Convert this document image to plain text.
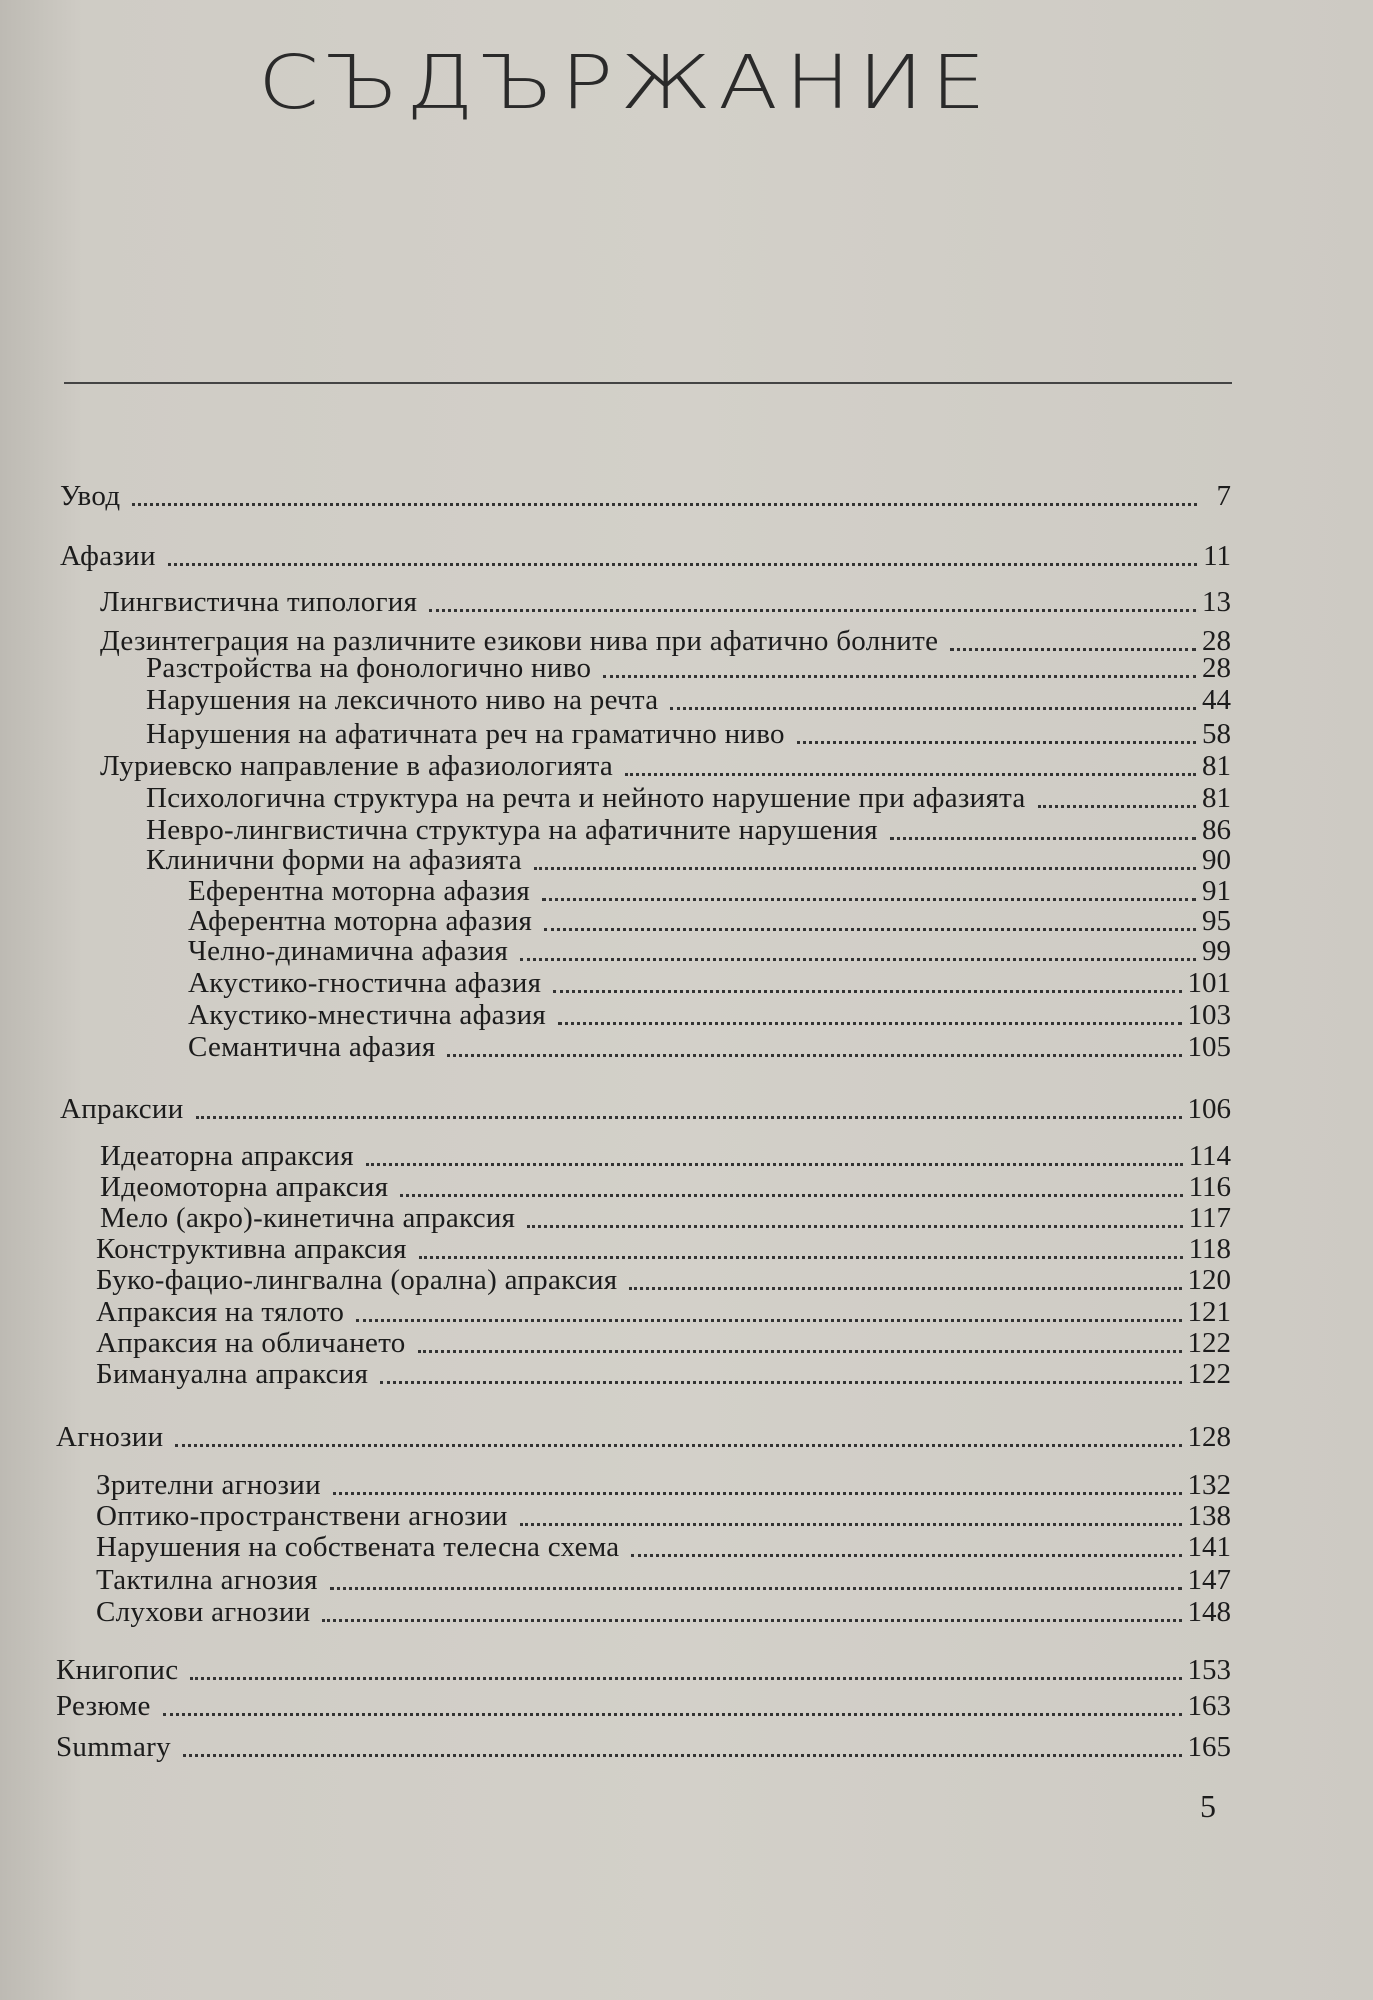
СЪДЪРЖАНИЕ
Увод	7
Афазии	11
Лингвистична типология	13
Дезинтеграция на различните езикови нива при афатично болните	28
Разстройства на фонологично ниво	28
Нарушения на лексичното ниво на речта	44
Нарушения на афатичната реч на граматично ниво	58
Луриевско направление в афазиологията	81
Психологична структура на речта и нейното нарушение при афазията	81
Невро-лингвистична структура на афатичните нарушения	86
Клинични форми на афазията	90
Еферентна моторна афазия	91
Аферентна моторна афазия	95
Челно-динамична афазия	99
Акустико-гностична афазия	101
Акустико-мнестична афазия	103
Семантична афазия	105
Апраксии	106
Идеаторна апраксия	114
Идеомоторна апраксия	116
Мело (акро)-кинетична апраксия	117
Конструктивна апраксия	118
Буко-фацио-лингвална (орална) апраксия	120
Апраксия на тялото	121
Апраксия на обличането	122
Бимануална апраксия	122
Агнозии	128
Зрителни агнозии	132
Оптико-пространствени агнозии	138
Нарушения на собствената телесна схема	141
Тактилна агнозия	147
Слухови агнозии	148
Книгопис	153
Резюме	163
Summary	165
5
